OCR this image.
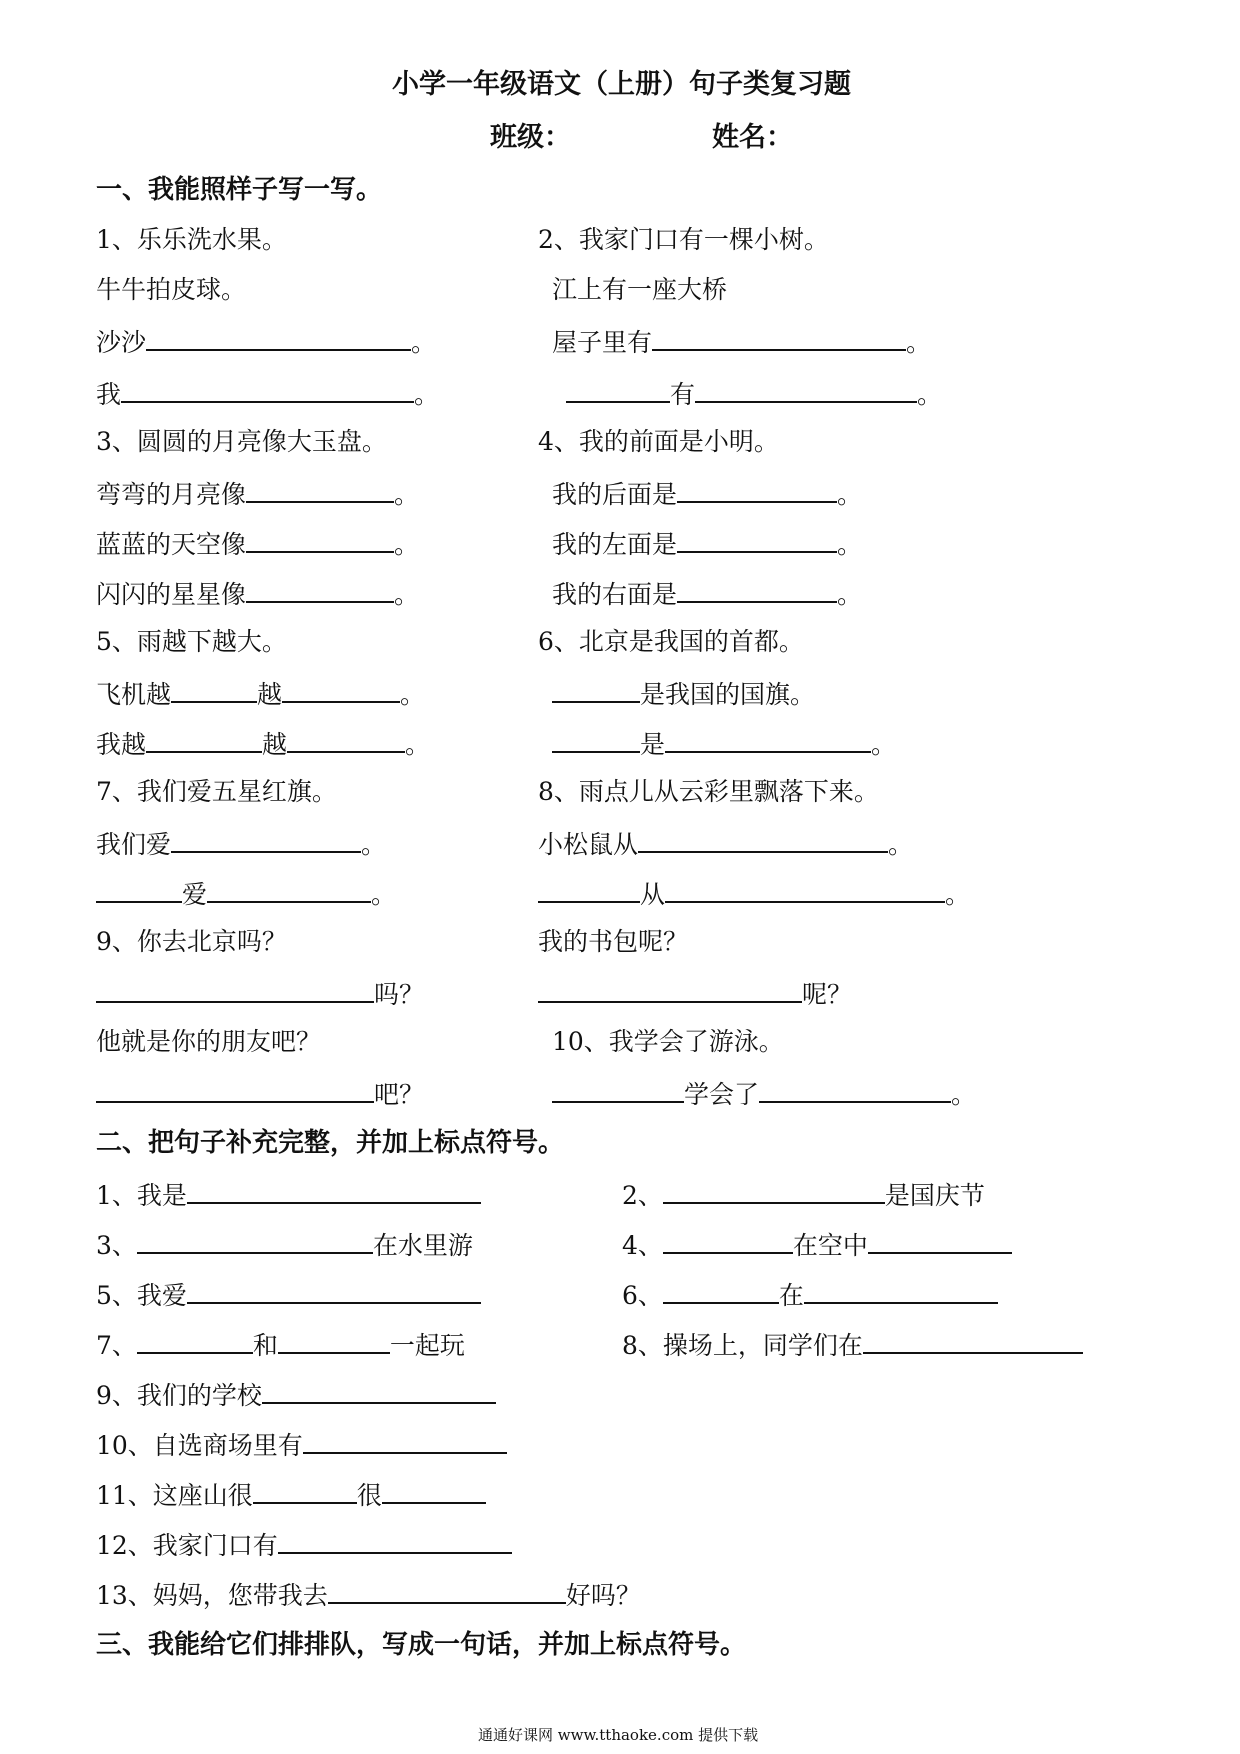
小学一年级语文（上册）句子类复习题
班级：	姓名：
一、我能照样子写一写。
1、乐乐洗水果。
牛牛拍皮球。
沙沙	。
我	。
2、我家门口有一棵小树。
江上有一座大桥
屋子里有	。
有	。
3、圆圆的月亮像大玉盘。
弯弯的月亮像	。
蓝蓝的天空像	。
闪闪的星星像	。
4、我的前面是小明。
我的后面是	。
我的左面是	。
我的右面是	。
5、雨越下越大。
飞机越	越	。
我越	越	。
6、北京是我国的首都。
是我国的国旗。
是	。
7、我们爱五星红旗。
我们爱	。
爱	。
8、雨点儿从云彩里飘落下来。
小松鼠从	。
从	。
9、你去北京吗？
吗？
他就是你的朋友吧？
吧？
我的书包呢？
呢？
10、我学会了游泳。
学会了	。
二、把句子补充完整，并加上标点符号。
1、我是	2、	是国庆节
3、	在水里游	4、	在空中
5、我爱	6、	在
7、	和	一起玩	8、操场上，同学们在
9、我们的学校
10、自选商场里有
11、这座山很	很
12、我家门口有
13、妈妈，您带我去	好吗？
三、我能给它们排排队，写成一句话，并加上标点符号。
通通好课网 www.tthaoke.com 提供下载
